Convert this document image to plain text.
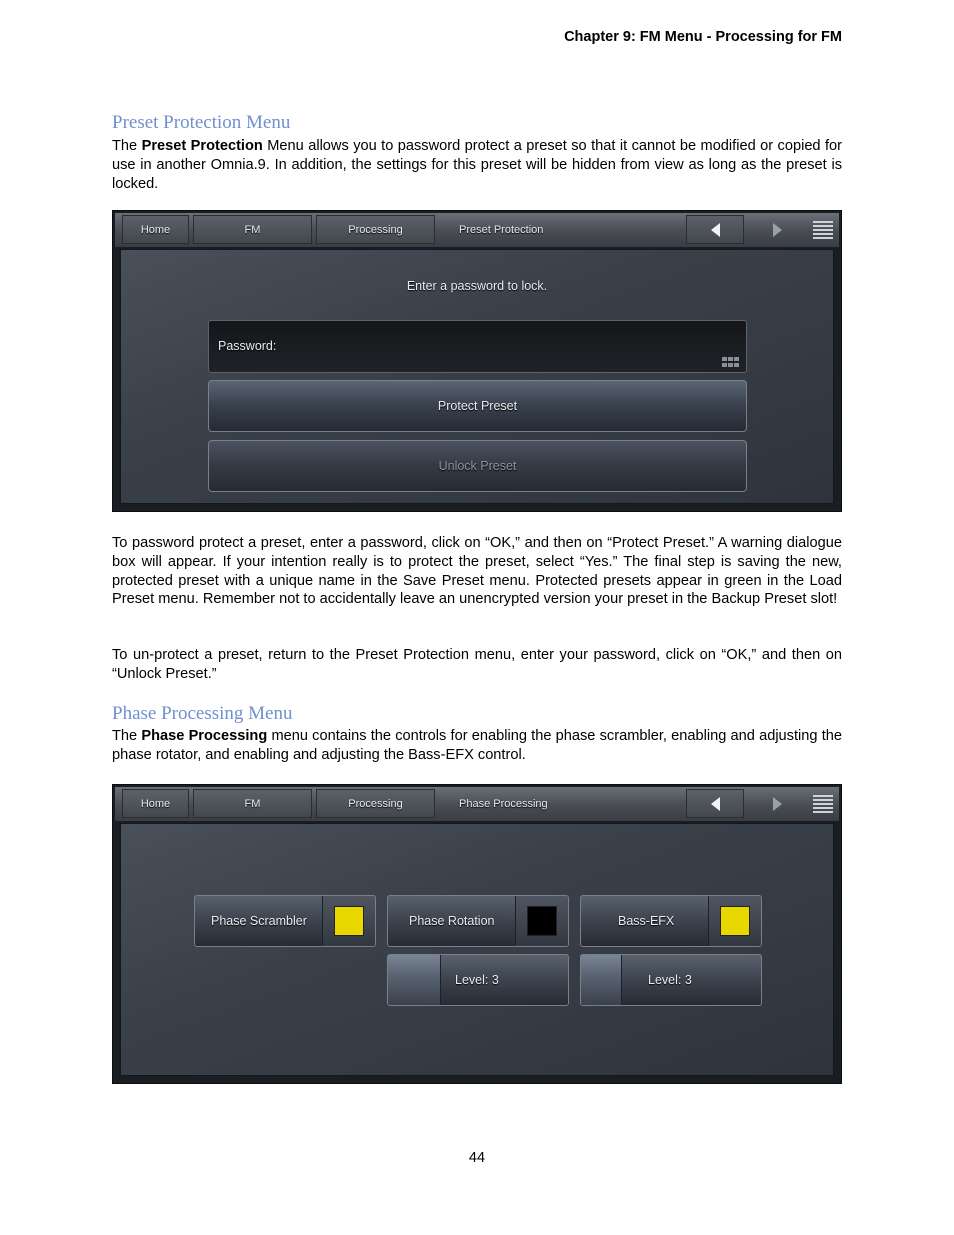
Chapter 9: FM Menu - Processing for FM
Preset Protection Menu
The Preset Protection Menu allows you to password protect a preset so that it cannot be modified or copied for use in another Omnia.9. In addition, the settings for this preset will be hidden from view as long as the preset is locked.
Home	FM	Processing	Preset Protection
Enter a password to lock.
Password:
Protect Preset
Unlock Preset
To password protect a preset, enter a password, click on “OK,” and then on “Protect Preset.” A warning dialogue box will appear. If your intention really is to protect the preset, select “Yes.” The final step is saving the new, protected preset with a unique name in the Save Preset menu. Protected presets appear in green in the Load Preset menu. Remember not to accidentally leave an unencrypted version your preset in the Backup Preset slot!
To un-protect a preset, return to the Preset Protection menu, enter your password, click on “OK,” and then on “Unlock Preset.”
Phase Processing Menu
The Phase Processing menu contains the controls for enabling the phase scrambler, enabling and adjusting the phase rotator, and enabling and adjusting the Bass-EFX control.
Home	FM	Processing	Phase Processing
Phase Scrambler	Phase Rotation	Bass-EFX
Level: 3	Level: 3
44
